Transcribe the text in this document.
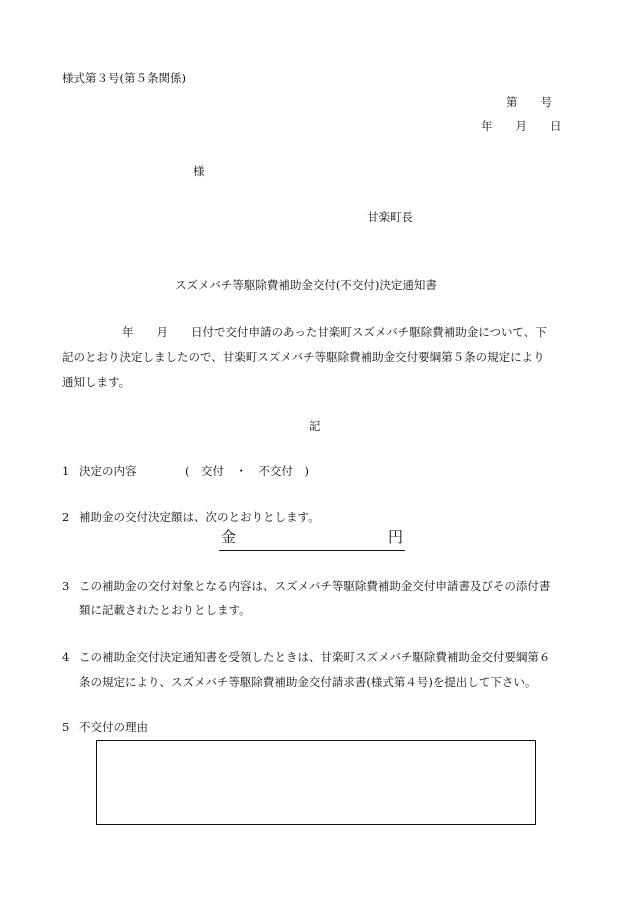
様式第３号(第５条関係)
第　　号
年　　月　　日
様
甘楽町長
スズメバチ等駆除費補助金交付(不交付)決定通知書
年　　月　　日付で交付申請のあった甘楽町スズメバチ駆除費補助金について、下
記のとおり決定しましたので、甘楽町スズメバチ等駆除費補助金交付要綱第５条の規定により
通知します。
記
1 決定の内容	(　交付　・　不交付　)
2 補助金の交付決定額は、次のとおりとします。
金	円
3 この補助金の交付対象となる内容は、スズメバチ等駆除費補助金交付申請書及びその添付書
類に記載されたとおりとします。
4 この補助金交付決定通知書を受領したときは、甘楽町スズメバチ駆除費補助金交付要綱第６
条の規定により、スズメバチ等駆除費補助金交付請求書(様式第４号)を提出して下さい。
5 不交付の理由
